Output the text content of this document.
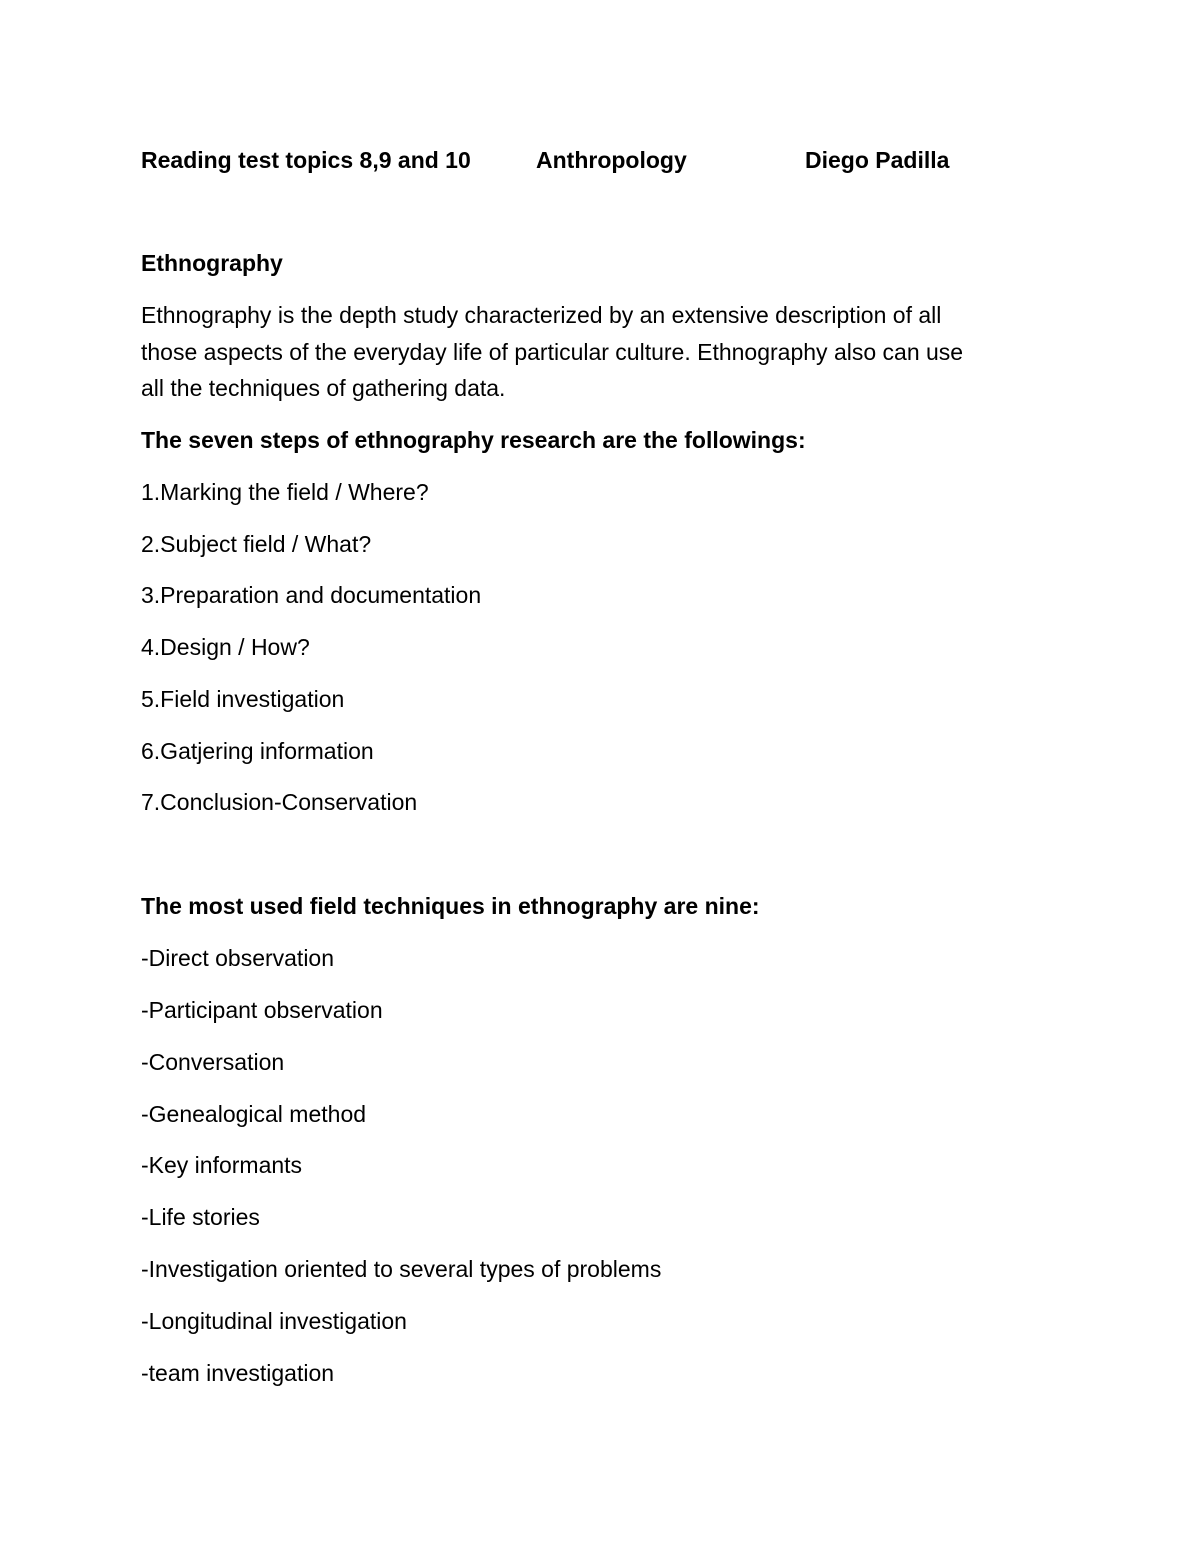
Reading test topics 8,9 and 10	Anthropology	Diego Padilla
Ethnography
Ethnography is the depth study characterized by an extensive description of all
those aspects of the everyday life of particular culture. Ethnography also can use
all the techniques of gathering data.
The seven steps of ethnography research are the followings:
1.Marking the field / Where?
2.Subject field / What?
3.Preparation and documentation
4.Design / How?
5.Field investigation
6.Gatjering information
7.Conclusion-Conservation
The most used field techniques in ethnography are nine:
-Direct observation
-Participant observation
-Conversation
-Genealogical method
-Key informants
-Life stories
-Investigation oriented to several types of problems
-Longitudinal investigation
-team investigation
